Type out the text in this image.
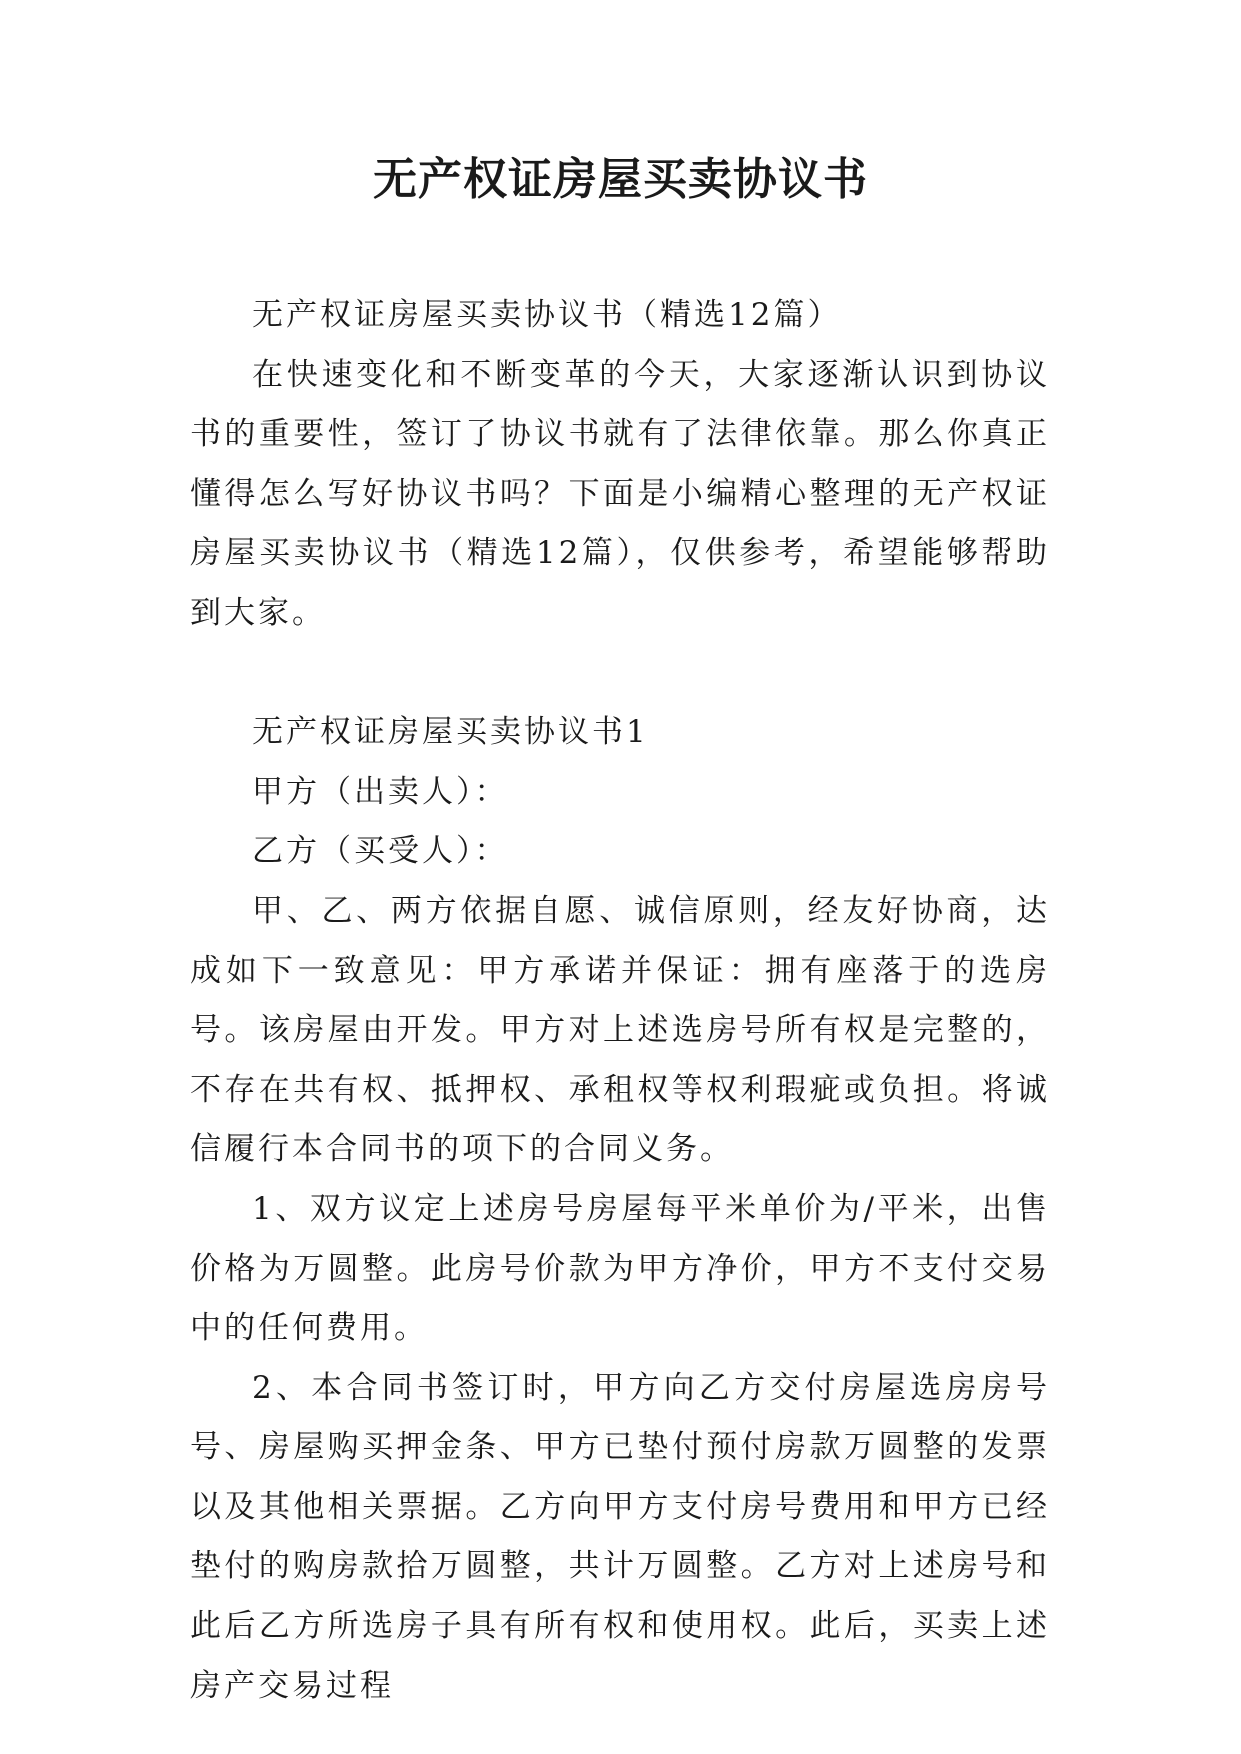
无产权证房屋买卖协议书

无产权证房屋买卖协议书（精选12篇）

在快速变化和不断变革的今天，大家逐渐认识到协议书的重要性，签订了协议书就有了法律依靠。那么你真正懂得怎么写好协议书吗？下面是小编精心整理的无产权证房屋买卖协议书（精选12篇），仅供参考，希望能够帮助到大家。

无产权证房屋买卖协议书1

甲方（出卖人）：

乙方（买受人）：

甲、乙、两方依据自愿、诚信原则，经友好协商，达成如下一致意见：甲方承诺并保证：拥有座落于的选房号。该房屋由开发。甲方对上述选房号所有权是完整的，不存在共有权、抵押权、承租权等权利瑕疵或负担。将诚信履行本合同书的项下的合同义务。

1、双方议定上述房号房屋每平米单价为/平米，出售价格为万圆整。此房号价款为甲方净价，甲方不支付交易中的任何费用。

2、本合同书签订时，甲方向乙方交付房屋选房房号号、房屋购买押金条、甲方已垫付预付房款万圆整的发票以及其他相关票据。乙方向甲方支付房号费用和甲方已经垫付的购房款拾万圆整，共计万圆整。乙方对上述房号和此后乙方所选房子具有所有权和使用权。此后，买卖上述房产交易过程
